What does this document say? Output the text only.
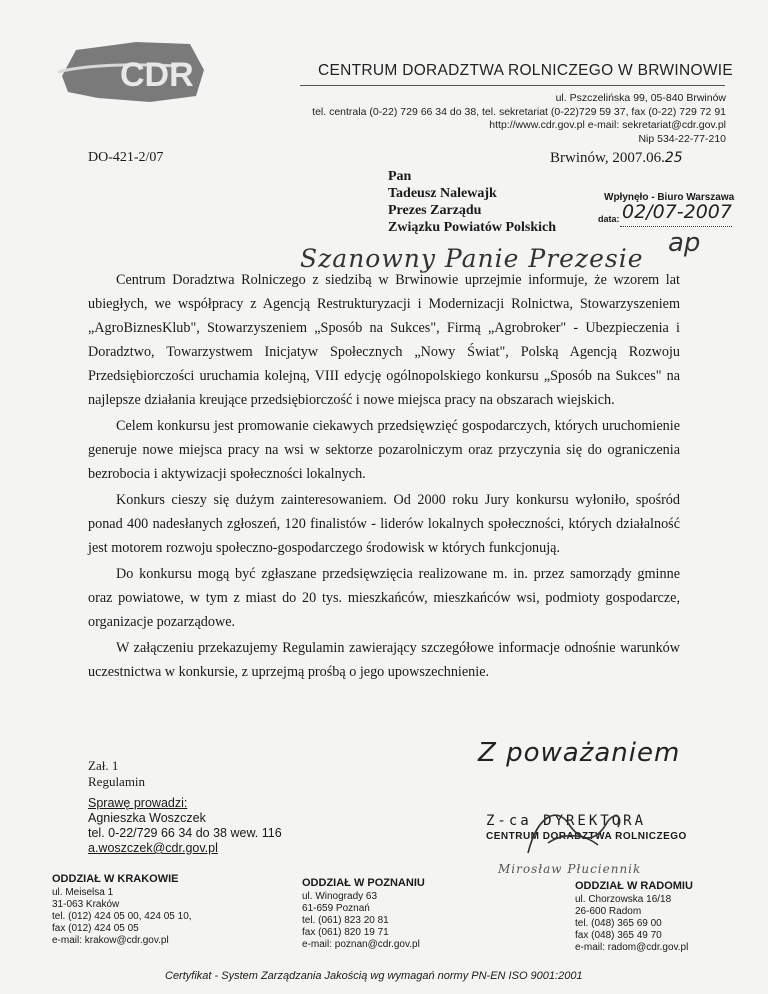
CDR	CENTRUM DORADZTWA ROLNICZEGO W BRWINOWIE
ul. Pszczelińska 99, 05-840 Brwinów
tel. centrala (0-22) 729 66 34 do 38, tel. sekretariat (0-22)729 59 37, fax (0-22) 729 72 91
http://www.cdr.gov.pl e-mail: sekretariat@cdr.gov.pl
Nip 534-22-77-210
DO-421-2/07	Brwinów, 2007.06.25
Pan
Tadeusz Nalewajk
Prezes Zarządu
Związku Powiatów Polskich
Wpłynęło - Biuro Warszawa
data: 02/07-2007
ap
Szanowny Panie Prezesie

Centrum Doradztwa Rolniczego z siedzibą w Brwinowie uprzejmie informuje, że wzorem lat ubiegłych, we współpracy z Agencją Restrukturyzacji i Modernizacji Rolnictwa, Stowarzyszeniem „AgroBiznesKlub", Stowarzyszeniem „Sposób na Sukces", Firmą „Agrobroker" - Ubezpieczenia i Doradztwo, Towarzystwem Inicjatyw Społecznych „Nowy Świat", Polską Agencją Rozwoju Przedsiębiorczości uruchamia kolejną, VIII edycję ogólnopolskiego konkursu „Sposób na Sukces" na najlepsze działania kreujące przedsiębiorczość i nowe miejsca pracy na obszarach wiejskich.

Celem konkursu jest promowanie ciekawych przedsięwzięć gospodarczych, których uruchomienie generuje nowe miejsca pracy na wsi w sektorze pozarolniczym oraz przyczynia się do ograniczenia bezrobocia i aktywizacji społeczności lokalnych.

Konkurs cieszy się dużym zainteresowaniem. Od 2000 roku Jury konkursu wyłoniło, spośród ponad 400 nadesłanych zgłoszeń, 120 finalistów - liderów lokalnych społeczności, których działalność jest motorem rozwoju społeczno-gospodarczego środowisk w których funkcjonują.

Do konkursu mogą być zgłaszane przedsięwzięcia realizowane m. in. przez samorządy gminne oraz powiatowe, w tym z miast do 20 tys. mieszkańców, mieszkańców wsi, podmioty gospodarcze, organizacje pozarządowe.

W załączeniu przekazujemy Regulamin zawierający szczegółowe informacje odnośnie warunków uczestnictwa w konkursie, z uprzejmą prośbą o jego upowszechnienie.

Zał. 1
Regulamin
Sprawę prowadzi:
Agnieszka Woszczek
tel. 0-22/729 66 34 do 38 wew. 116
a.woszczek@cdr.gov.pl
Z poważaniem
Z-ca DYREKTORA
CENTRUM DORADZTWA ROLNICZEGO
Mirosław Płuciennik
ODDZIAŁ W KRAKOWIE
ul. Meiselsa 1
31-063 Kraków
tel. (012) 424 05 00, 424 05 10,
fax (012) 424 05 05
e-mail: krakow@cdr.gov.pl
ODDZIAŁ W POZNANIU
ul. Winogrady 63
61-659 Poznań
tel. (061) 823 20 81
fax (061) 820 19 71
e-mail: poznan@cdr.gov.pl
ODDZIAŁ W RADOMIU
ul. Chorzowska 16/18
26-600 Radom
tel. (048) 365 69 00
fax (048) 365 49 70
e-mail: radom@cdr.gov.pl
Certyfikat - System Zarządzania Jakością wg wymagań normy PN-EN ISO 9001:2001
